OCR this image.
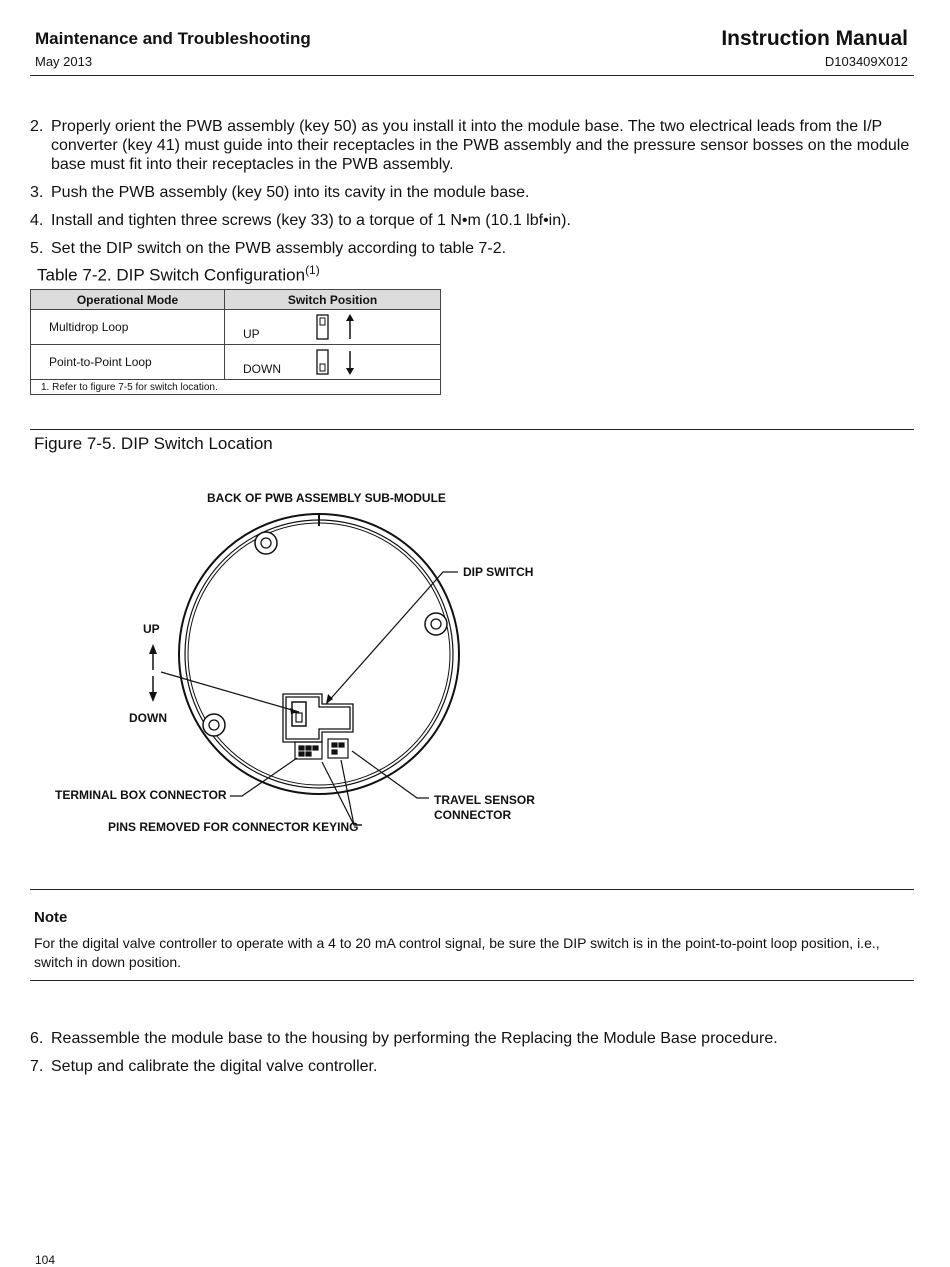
Maintenance and Troubleshooting
May 2013
Instruction Manual
D103409X012
2. Properly orient the PWB assembly (key 50) as you install it into the module base. The two electrical leads from the I/P converter (key 41) must guide into their receptacles in the PWB assembly and the pressure sensor bosses on the module base must fit into their receptacles in the PWB assembly.
3. Push the PWB assembly (key 50) into its cavity in the module base.
4. Install and tighten three screws (key 33) to a torque of 1 N•m (10.1 lbf•in).
5. Set the DIP switch on the PWB assembly according to table 7-2.
Table 7-2. DIP Switch Configuration$^{(1)}$
Operational Mode	Switch Position
Multidrop Loop	UP

Point-to-Point Loop	DOWN

1. Refer to figure 7-5 for switch location.	
Figure 7-5. DIP Switch Location
BACK OF PWB ASSEMBLY SUB-MODULE
DIP SWITCH
UP
DOWN
TERMINAL BOX CONNECTOR
PINS REMOVED FOR CONNECTOR KEYING
TRAVEL SENSOR
CONNECTOR
Note
For the digital valve controller to operate with a 4 to 20 mA control signal, be sure the DIP switch is in the point-to-point loop position, i.e., switch in down position.
6. Reassemble the module base to the housing by performing the Replacing the Module Base procedure.
7. Setup and calibrate the digital valve controller.
104
